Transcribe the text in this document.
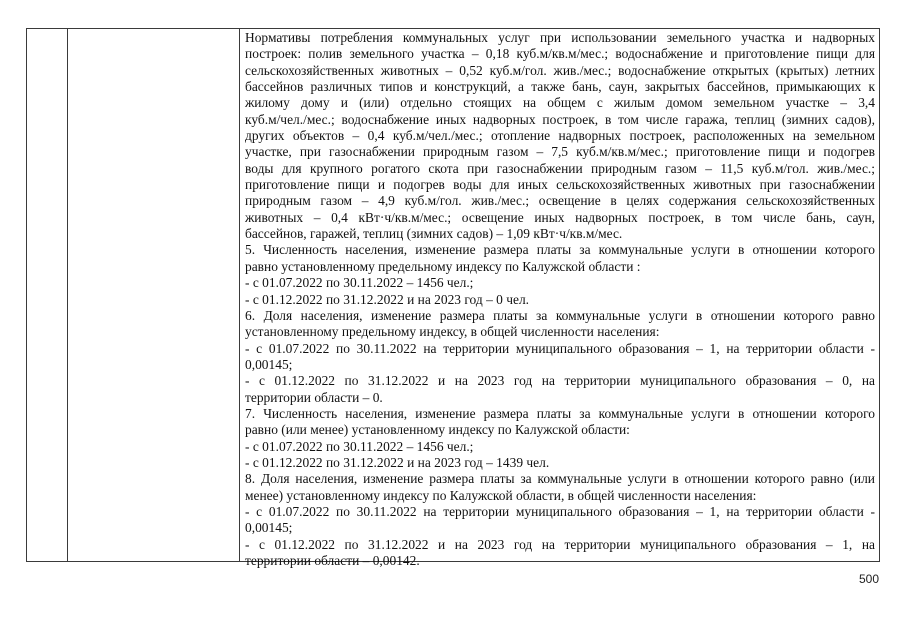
Нормативы потребления коммунальных услуг при использовании земельного участка и надворных
построек: полив земельного участка – 0,18 куб.м/кв.м/мес.; водоснабжение и приготовление пищи для
сельскохозяйственных животных – 0,52 куб.м/гол. жив./мес.; водоснабжение открытых (крытых) летних
бассейнов различных типов и конструкций, а также бань, саун, закрытых бассейнов, примыкающих к
жилому дому и (или) отдельно стоящих на общем с жилым домом земельном участке – 3,4
куб.м/чел./мес.; водоснабжение иных надворных построек, в том числе гаража, теплиц (зимних садов),
других объектов – 0,4 куб.м/чел./мес.; отопление надворных построек, расположенных на земельном
участке, при газоснабжении природным газом – 7,5 куб.м/кв.м/мес.; приготовление пищи и подогрев
воды для крупного рогатого скота при газоснабжении природным газом – 11,5 куб.м/гол. жив./мес.;
приготовление пищи и подогрев воды для иных сельскохозяйственных животных при газоснабжении
природным газом – 4,9 куб.м/гол. жив./мес.; освещение в целях содержания сельскохозяйственных
животных – 0,4 кВт·ч/кв.м/мес.; освещение иных надворных построек, в том числе бань, саун,
бассейнов, гаражей, теплиц (зимних садов) – 1,09 кВт·ч/кв.м/мес.
5. Численность населения, изменение размера платы за коммунальные услуги в отношении которого
равно установленному предельному индексу по Калужской области :
- с 01.07.2022 по 30.11.2022 – 1456 чел.;
- с 01.12.2022 по 31.12.2022 и на 2023 год – 0 чел.
6. Доля населения, изменение размера платы за коммунальные услуги в отношении которого равно
установленному предельному индексу, в общей численности населения:
- с 01.07.2022 по 30.11.2022 на территории муниципального образования – 1, на территории области -
0,00145;
- с 01.12.2022 по 31.12.2022 и на 2023 год на территории муниципального образования – 0, на
территории области – 0.
7. Численность населения, изменение размера платы за коммунальные услуги в отношении которого
равно (или менее) установленному индексу по Калужской области:
- с 01.07.2022 по 30.11.2022 – 1456 чел.;
- с 01.12.2022 по 31.12.2022 и на 2023 год – 1439 чел.
8. Доля населения, изменение размера платы за коммунальные услуги в отношении которого равно (или
менее) установленному индексу по Калужской области, в общей численности населения:
- с 01.07.2022 по 30.11.2022 на территории муниципального образования – 1, на территории области -
0,00145;
- с 01.12.2022 по 31.12.2022 и на 2023 год на территории муниципального образования – 1, на
территории области – 0,00142.
500
